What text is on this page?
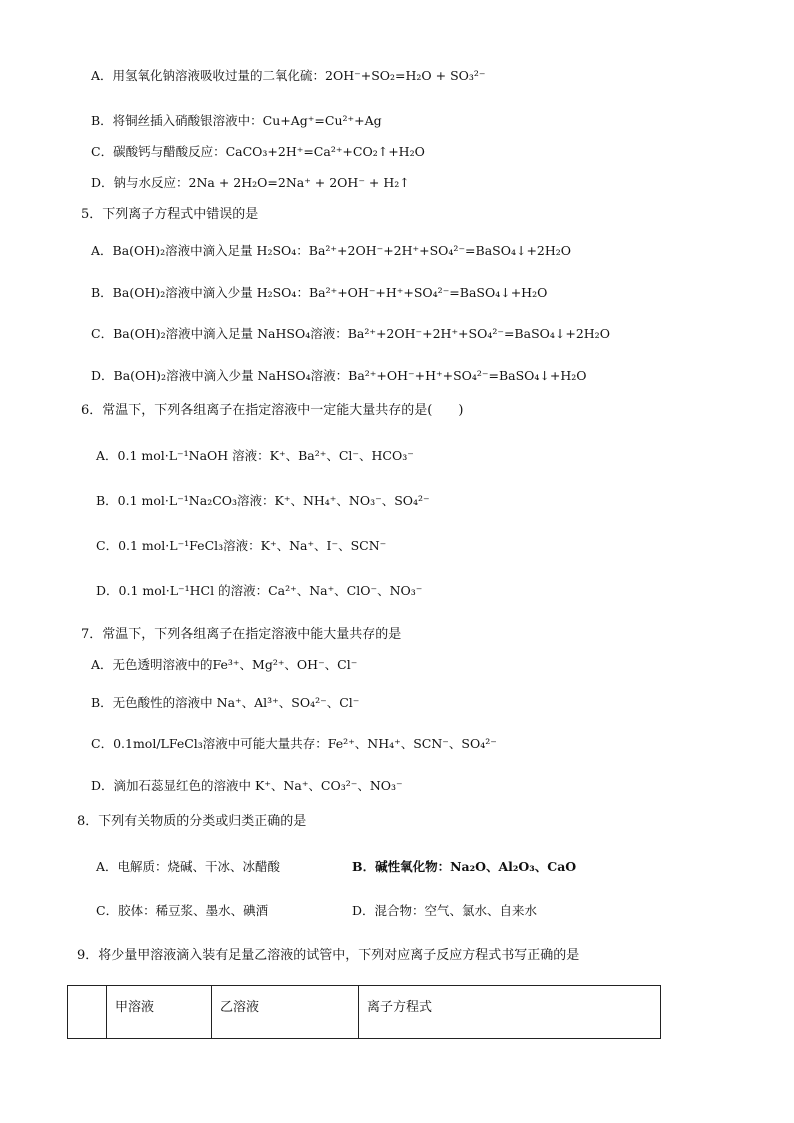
A．用氢氧化钠溶液吸收过量的二氧化硫：2OH⁻+SO₂=H₂O + SO₃²⁻
B．将铜丝插入硝酸银溶液中：Cu+Ag⁺=Cu²⁺+Ag
C．碳酸钙与醋酸反应：CaCO₃+2H⁺=Ca²⁺+CO₂↑+H₂O
D．钠与水反应：2Na + 2H₂O=2Na⁺ + 2OH⁻ + H₂↑
5．下列离子方程式中错误的是
A．Ba(OH)₂溶液中滴入足量 H₂SO₄：Ba²⁺+2OH⁻+2H⁺+SO₄²⁻=BaSO₄↓+2H₂O
B．Ba(OH)₂溶液中滴入少量 H₂SO₄：Ba²⁺+OH⁻+H⁺+SO₄²⁻=BaSO₄↓+H₂O
C．Ba(OH)₂溶液中滴入足量 NaHSO₄溶液：Ba²⁺+2OH⁻+2H⁺+SO₄²⁻=BaSO₄↓+2H₂O
D．Ba(OH)₂溶液中滴入少量 NaHSO₄溶液：Ba²⁺+OH⁻+H⁺+SO₄²⁻=BaSO₄↓+H₂O
6．常温下，下列各组离子在指定溶液中一定能大量共存的是(　　)
A．0.1 mol·L⁻¹NaOH 溶液：K⁺、Ba²⁺、Cl⁻、HCO₃⁻
B．0.1 mol·L⁻¹Na₂CO₃溶液：K⁺、NH₄⁺、NO₃⁻、SO₄²⁻
C．0.1 mol·L⁻¹FeCl₃溶液：K⁺、Na⁺、I⁻、SCN⁻
D．0.1 mol·L⁻¹HCl 的溶液：Ca²⁺、Na⁺、ClO⁻、NO₃⁻
7．常温下，下列各组离子在指定溶液中能大量共存的是
A．无色透明溶液中的Fe³⁺、Mg²⁺、OH⁻、Cl⁻
B．无色酸性的溶液中 Na⁺、Al³⁺、SO₄²⁻、Cl⁻
C．0.1mol/LFeCl₃溶液中可能大量共存：Fe²⁺、NH₄⁺、SCN⁻、SO₄²⁻
D．滴加石蕊显红色的溶液中 K⁺、Na⁺、CO₃²⁻、NO₃⁻
8．下列有关物质的分类或归类正确的是
A．电解质：烧碱、干冰、冰醋酸	B．碱性氧化物：Na₂O、Al₂O₃、CaO
C．胶体：稀豆浆、墨水、碘酒	D．混合物：空气、氯水、自来水
9．将少量甲溶液滴入装有足量乙溶液的试管中，下列对应离子反应方程式书写正确的是
	甲溶液	乙溶液	离子方程式
